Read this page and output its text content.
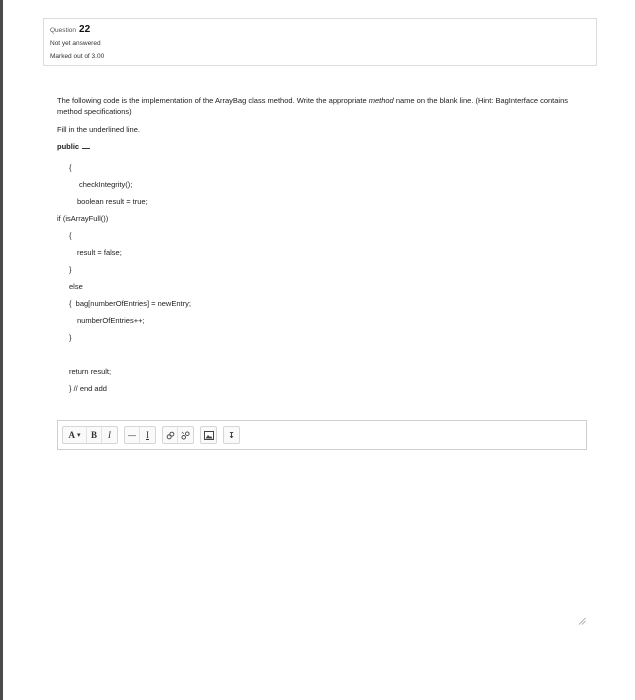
Question 22
Not yet answered
Marked out of 3.00

The following code is the implementation of the ArrayBag class method. Write the appropriate method name on the blank line. (Hint: BagInterface contains method specifications)

Fill in the underlined line.
public
{
checkIntegrity();
boolean result = true;
if (isArrayFull())
{
result = false;
}
else
{  bag[numberOfEntries] = newEntry;
numberOfEntries++;
}
return result;
} // end add
A ▾	B	I	— I	↧
